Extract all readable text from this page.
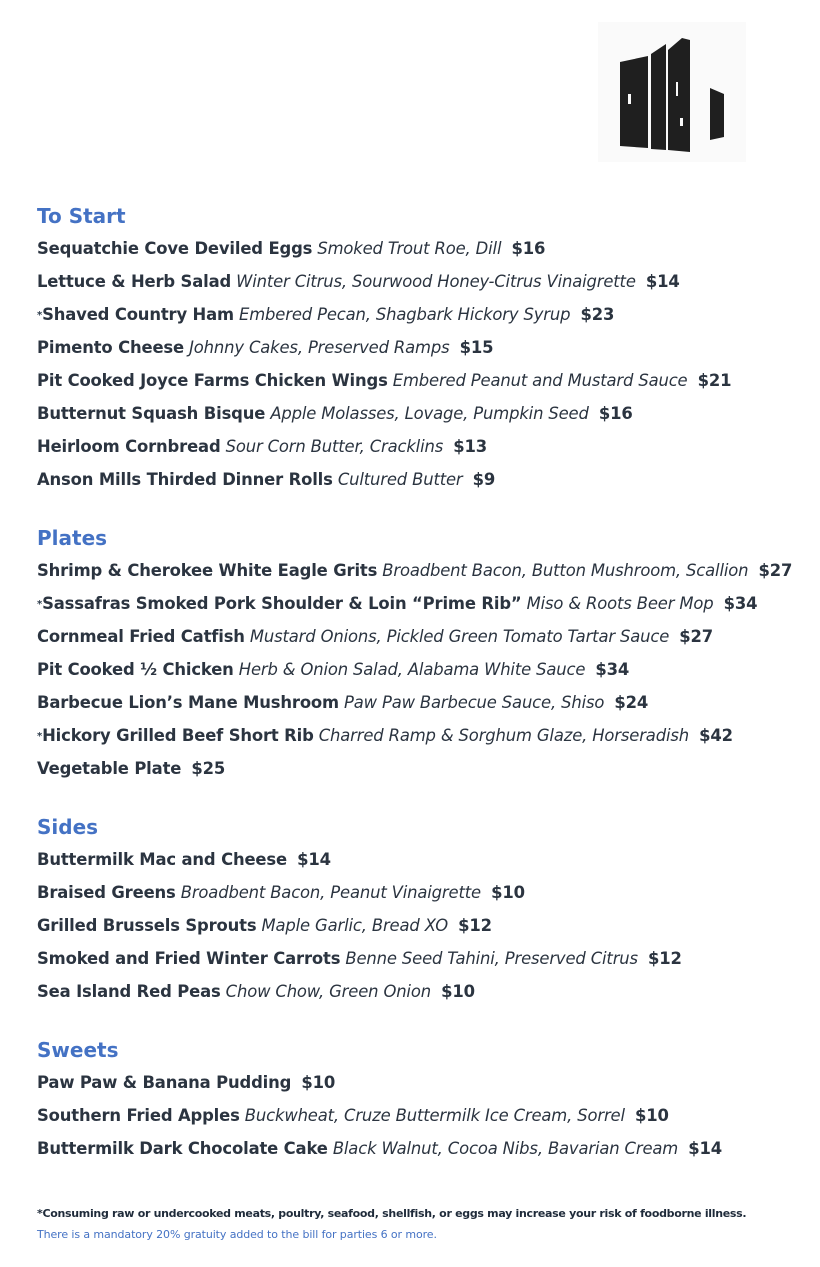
To Start
Sequatchie Cove Deviled Eggs Smoked Trout Roe, Dill $16
Lettuce & Herb Salad Winter Citrus, Sourwood Honey-Citrus Vinaigrette $14
*Shaved Country Ham Embered Pecan, Shagbark Hickory Syrup $23
Pimento Cheese Johnny Cakes, Preserved Ramps $15
Pit Cooked Joyce Farms Chicken Wings Embered Peanut and Mustard Sauce $21
Butternut Squash Bisque Apple Molasses, Lovage, Pumpkin Seed $16
Heirloom Cornbread Sour Corn Butter, Cracklins $13
Anson Mills Thirded Dinner Rolls Cultured Butter $9
Plates
Shrimp & Cherokee White Eagle Grits Broadbent Bacon, Button Mushroom, Scallion $27
*Sassafras Smoked Pork Shoulder & Loin “Prime Rib” Miso & Roots Beer Mop $34
Cornmeal Fried Catfish Mustard Onions, Pickled Green Tomato Tartar Sauce $27
Pit Cooked ½ Chicken Herb & Onion Salad, Alabama White Sauce $34
Barbecue Lion’s Mane Mushroom Paw Paw Barbecue Sauce, Shiso $24
*Hickory Grilled Beef Short Rib Charred Ramp & Sorghum Glaze, Horseradish $42
Vegetable Plate $25
Sides
Buttermilk Mac and Cheese $14
Braised Greens Broadbent Bacon, Peanut Vinaigrette $10
Grilled Brussels Sprouts Maple Garlic, Bread XO $12
Smoked and Fried Winter Carrots Benne Seed Tahini, Preserved Citrus $12
Sea Island Red Peas Chow Chow, Green Onion $10
Sweets
Paw Paw & Banana Pudding $10
Southern Fried Apples Buckwheat, Cruze Buttermilk Ice Cream, Sorrel $10
Buttermilk Dark Chocolate Cake Black Walnut, Cocoa Nibs, Bavarian Cream $14
*Consuming raw or undercooked meats, poultry, seafood, shellfish, or eggs may increase your risk of foodborne illness.
There is a mandatory 20% gratuity added to the bill for parties 6 or more.
